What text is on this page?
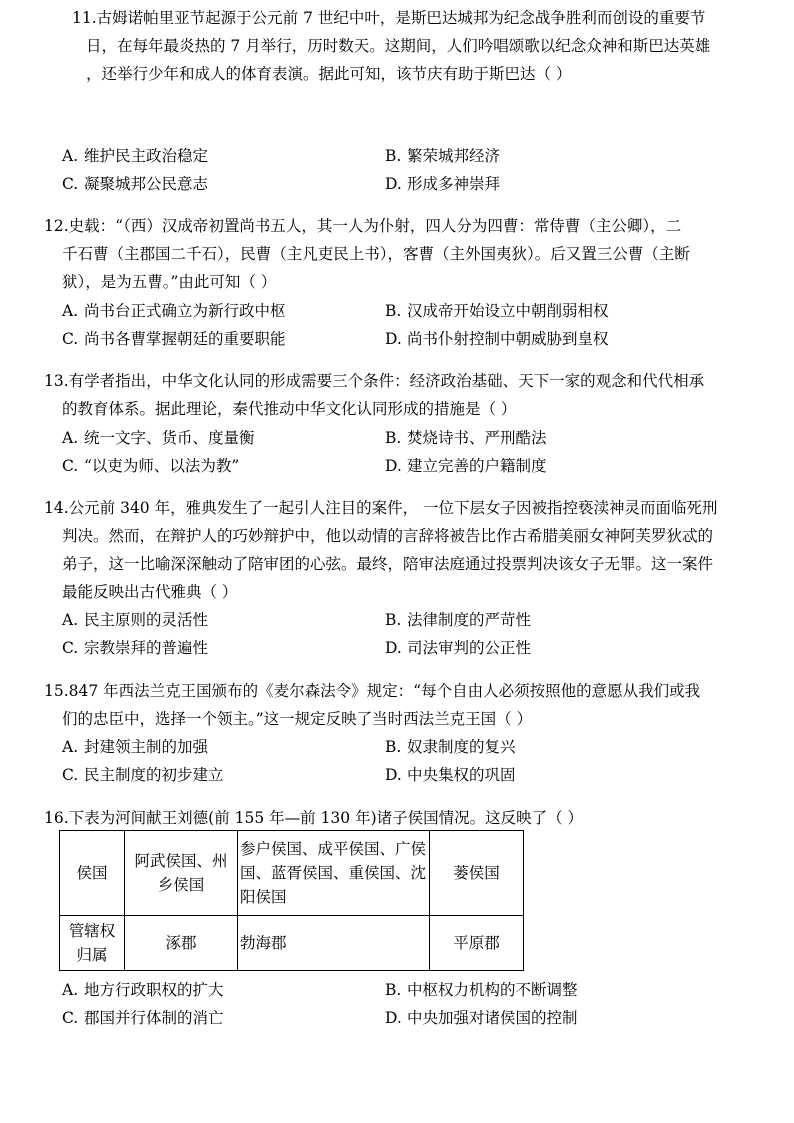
11.古姆诺帕里亚节起源于公元前 7 世纪中叶，是斯巴达城邦为纪念战争胜利而创设的重要节
日，在每年最炎热的 7 月举行，历时数天。这期间，人们吟唱颂歌以纪念众神和斯巴达英雄
，还举行少年和成人的体育表演。据此可知，该节庆有助于斯巴达（ ）
A. 维护民主政治稳定	B. 繁荣城邦经济
C. 凝聚城邦公民意志	D. 形成多神崇拜
12.史载：“（西）汉成帝初置尚书五人，其一人为仆射，四人分为四曹：常侍曹（主公卿），二
千石曹（主郡国二千石），民曹（主凡吏民上书），客曹（主外国夷狄）。后又置三公曹（主断
狱），是为五曹。”由此可知（ ）
A. 尚书台正式确立为新行政中枢	B. 汉成帝开始设立中朝削弱相权
C. 尚书各曹掌握朝廷的重要职能	D. 尚书仆射控制中朝威胁到皇权
13.有学者指出，中华文化认同的形成需要三个条件：经济政治基础、天下一家的观念和代代相承
的教育体系。据此理论，秦代推动中华文化认同形成的措施是（ ）
A. 统一文字、货币、度量衡	B. 焚烧诗书、严刑酷法
C. “以吏为师、以法为教”	D. 建立完善的户籍制度
14.公元前 340 年，雅典发生了一起引人注目的案件， 一位下层女子因被指控亵渎神灵而面临死刑
判决。然而，在辩护人的巧妙辩护中，他以动情的言辞将被告比作古希腊美丽女神阿芙罗狄忒的
弟子，这一比喻深深触动了陪审团的心弦。最终，陪审法庭通过投票判决该女子无罪。这一案件
最能反映出古代雅典（ ）
A. 民主原则的灵活性	B. 法律制度的严苛性
C. 宗教崇拜的普遍性	D. 司法审判的公正性
15.847 年西法兰克王国颁布的《麦尔森法令》规定：“每个自由人必须按照他的意愿从我们或我
们的忠臣中，选择一个领主。”这一规定反映了当时西法兰克王国（ ）
A. 封建领主制的加强	B. 奴隶制度的复兴
C. 民主制度的初步建立	D. 中央集权的巩固
16.下表为河间献王刘德(前 155 年—前 130 年)诸子侯国情况。这反映了（ ）
侯国	阿武侯国、州乡侯国	参户侯国、成平侯国、广侯国、蓝胥侯国、重侯国、沈阳侯国	蒌侯国
管辖权归属	涿郡	勃海郡	平原郡
A. 地方行政职权的扩大	B. 中枢权力机构的不断调整
C. 郡国并行体制的消亡	D. 中央加强对诸侯国的控制
